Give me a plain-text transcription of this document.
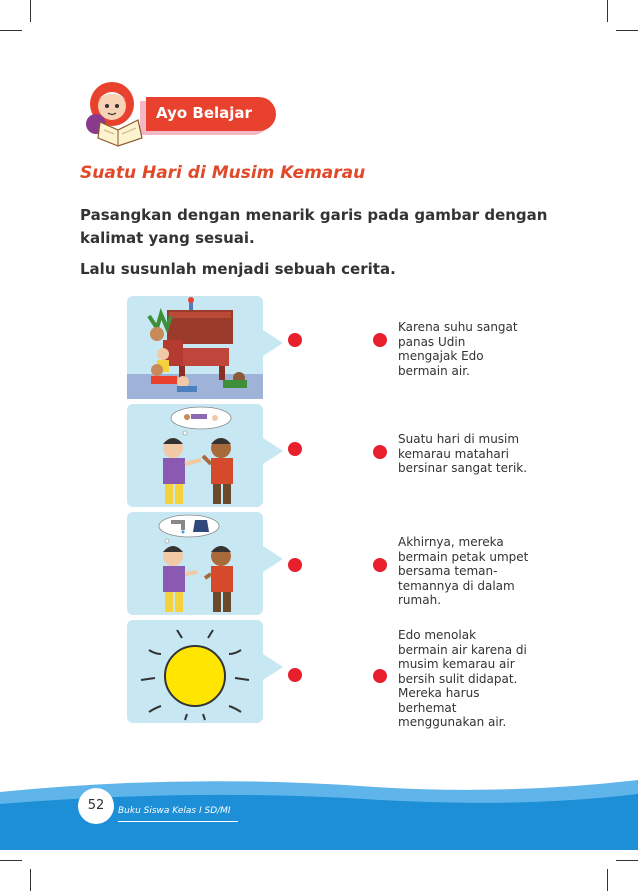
Ayo Belajar
Suatu Hari di Musim Kemarau
Pasangkan dengan menarik garis pada gambar dengan kalimat yang sesuai.
Lalu susunlah menjadi sebuah cerita.
Karena suhu sangat panas Udin mengajak Edo bermain air.
Suatu hari di musim kemarau matahari bersinar sangat terik.
Akhirnya, mereka bermain petak umpet bersama teman-temannya di dalam rumah.
Edo menolak bermain air karena di musim kemarau air bersih sulit didapat. Mereka harus berhemat menggunakan air.
52	Buku Siswa Kelas I SD/MI
